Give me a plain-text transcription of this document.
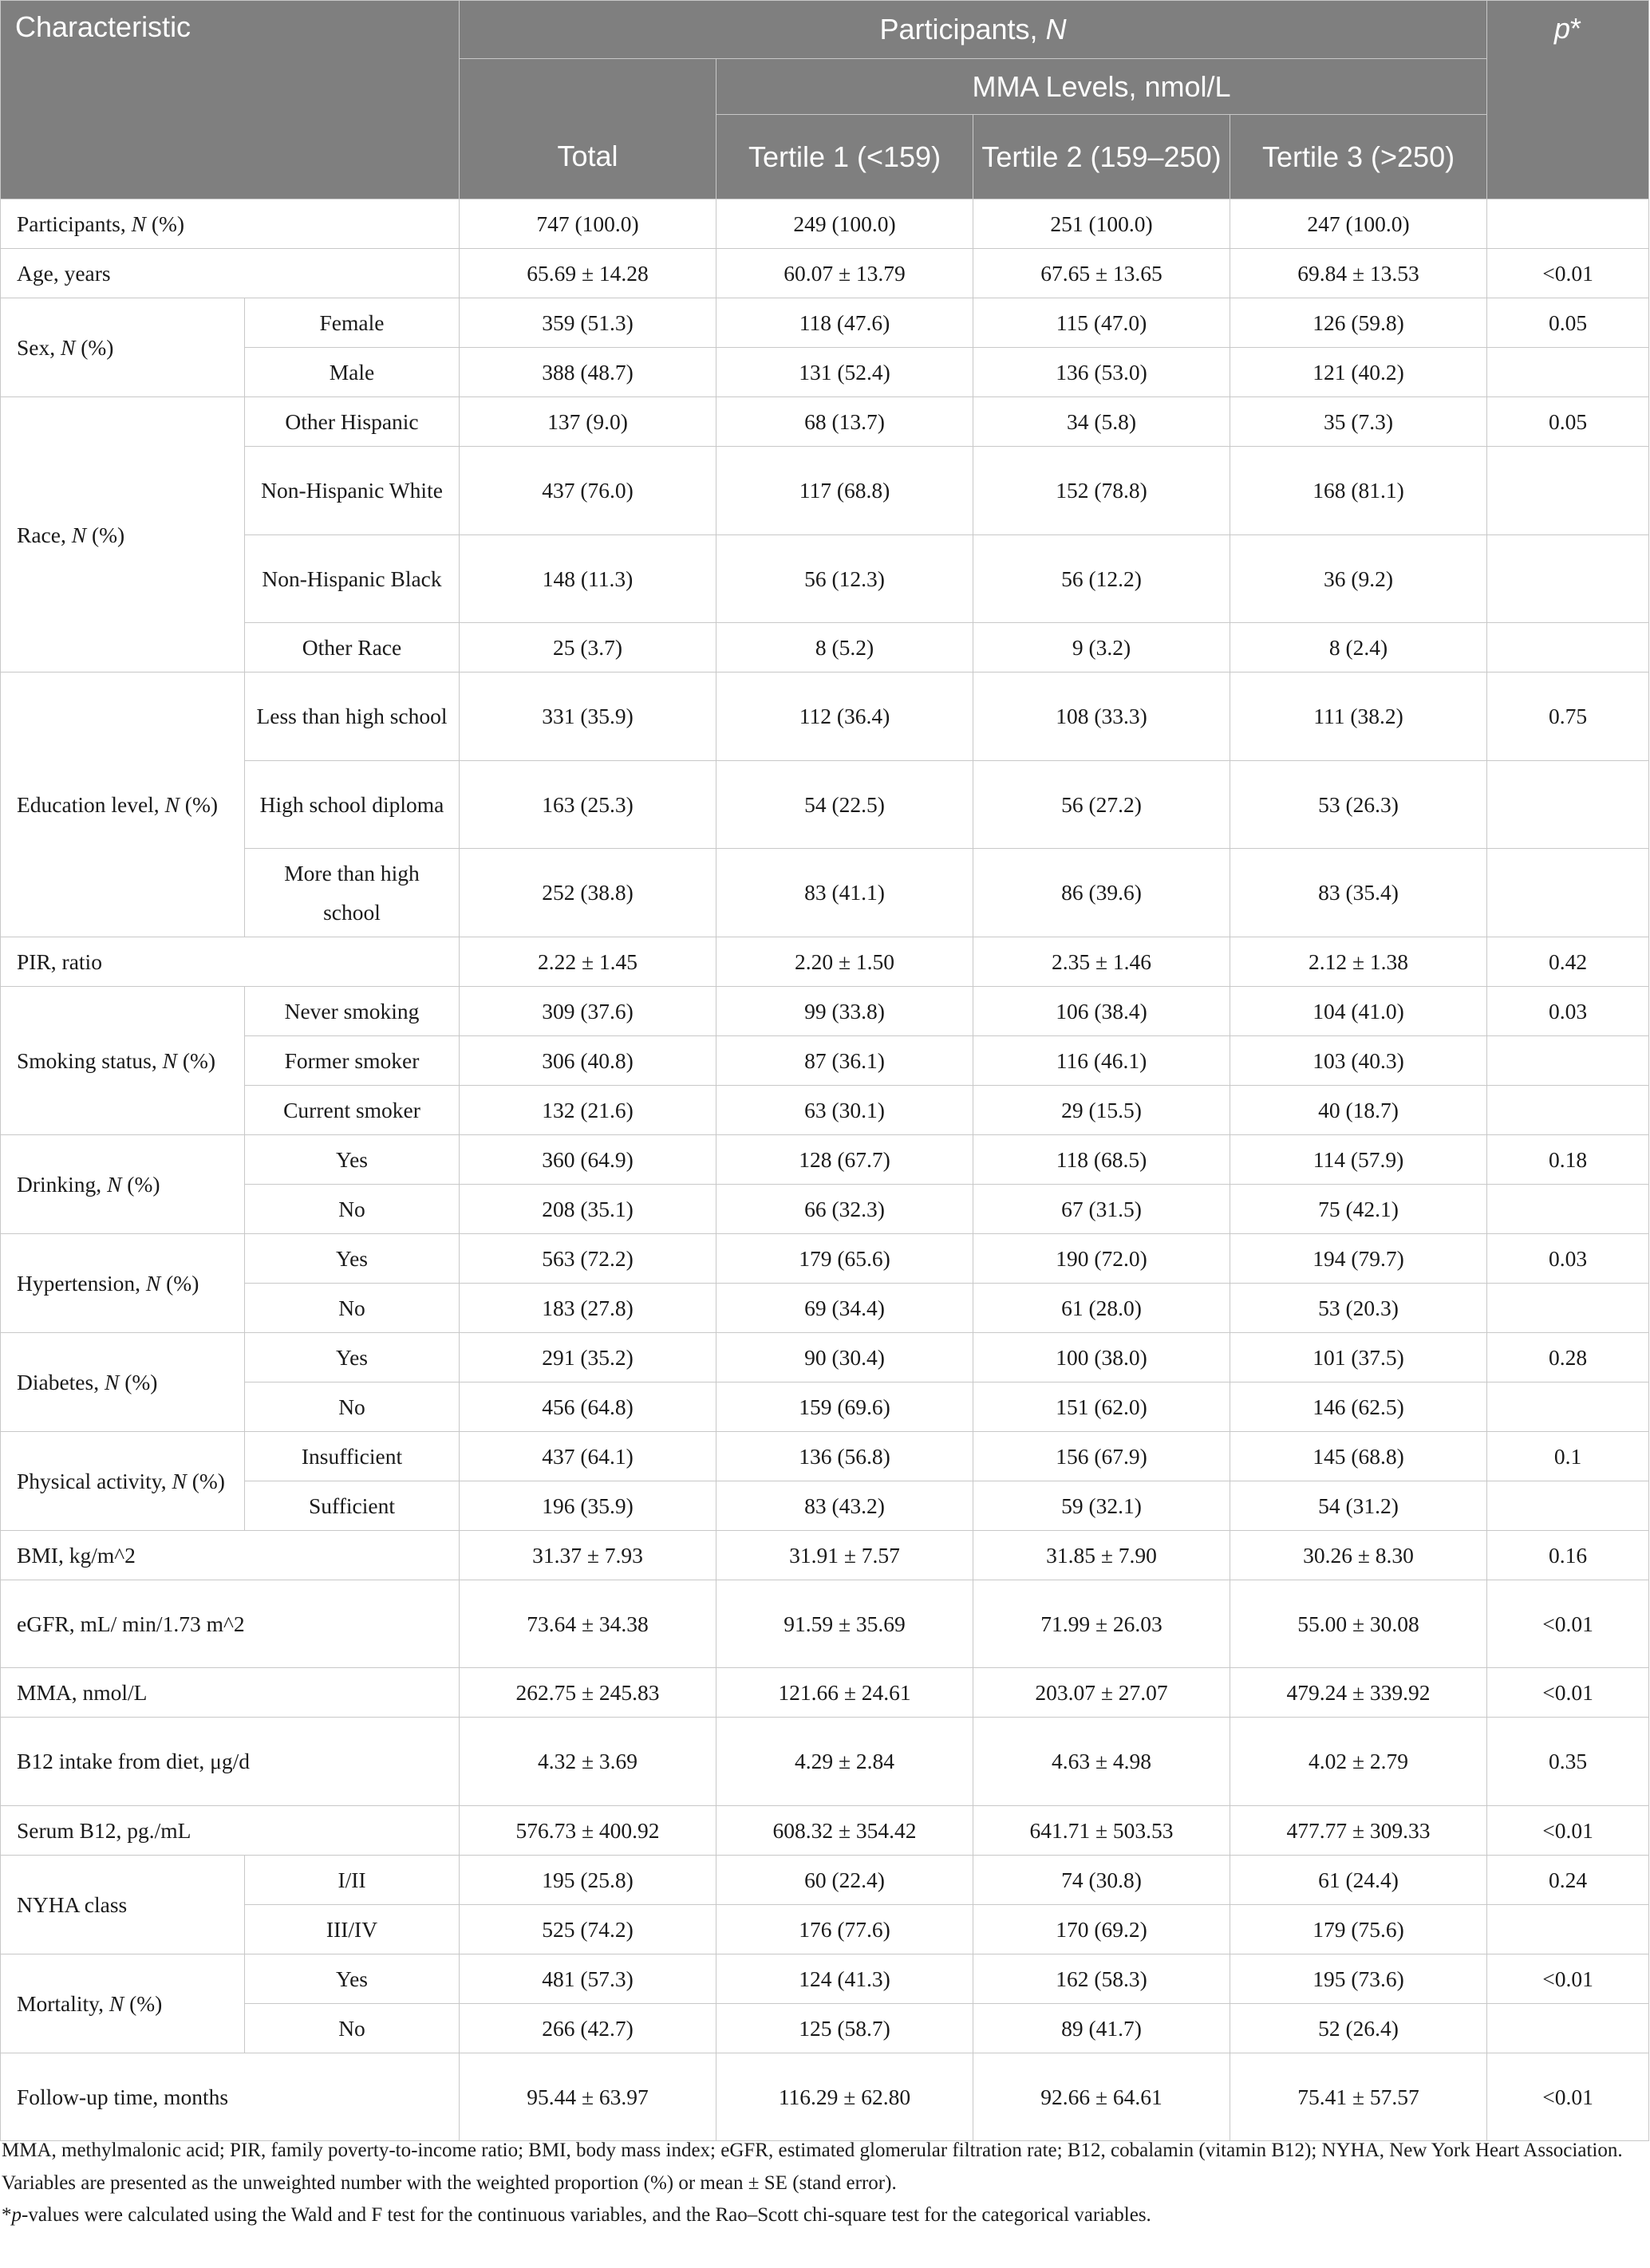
Characteristic		Participants, N				p*
		Total	MMA Levels, nmol/L			
			Tertile 1 (<159)	Tertile 2 (159–250)	Tertile 3 (>250)	
Participants, N (%)		747 (100.0)	249 (100.0)	251 (100.0)	247 (100.0)	
Age, years		65.69 ± 14.28	60.07 ± 13.79	67.65 ± 13.65	69.84 ± 13.53	<0.01
Sex, N (%)	Female	359 (51.3)	118 (47.6)	115 (47.0)	126 (59.8)	0.05
	Male	388 (48.7)	131 (52.4)	136 (53.0)	121 (40.2)	
Race, N (%)	Other Hispanic	137 (9.0)	68 (13.7)	34 (5.8)	35 (7.3)	0.05
	Non-Hispanic White	437 (76.0)	117 (68.8)	152 (78.8)	168 (81.1)	
	Non-Hispanic Black	148 (11.3)	56 (12.3)	56 (12.2)	36 (9.2)	
	Other Race	25 (3.7)	8 (5.2)	9 (3.2)	8 (2.4)	
Education level, N (%)	Less than high school	331 (35.9)	112 (36.4)	108 (33.3)	111 (38.2)	0.75
	High school diploma	163 (25.3)	54 (22.5)	56 (27.2)	53 (26.3)	
	More than high school	252 (38.8)	83 (41.1)	86 (39.6)	83 (35.4)	
PIR, ratio		2.22 ± 1.45	2.20 ± 1.50	2.35 ± 1.46	2.12 ± 1.38	0.42
Smoking status, N (%)	Never smoking	309 (37.6)	99 (33.8)	106 (38.4)	104 (41.0)	0.03
	Former smoker	306 (40.8)	87 (36.1)	116 (46.1)	103 (40.3)	
	Current smoker	132 (21.6)	63 (30.1)	29 (15.5)	40 (18.7)	
Drinking, N (%)	Yes	360 (64.9)	128 (67.7)	118 (68.5)	114 (57.9)	0.18
	No	208 (35.1)	66 (32.3)	67 (31.5)	75 (42.1)	
Hypertension, N (%)	Yes	563 (72.2)	179 (65.6)	190 (72.0)	194 (79.7)	0.03
	No	183 (27.8)	69 (34.4)	61 (28.0)	53 (20.3)	
Diabetes, N (%)	Yes	291 (35.2)	90 (30.4)	100 (38.0)	101 (37.5)	0.28
	No	456 (64.8)	159 (69.6)	151 (62.0)	146 (62.5)	
Physical activity, N (%)	Insufficient	437 (64.1)	136 (56.8)	156 (67.9)	145 (68.8)	0.1
	Sufficient	196 (35.9)	83 (43.2)	59 (32.1)	54 (31.2)	
BMI, kg/m^2		31.37 ± 7.93	31.91 ± 7.57	31.85 ± 7.90	30.26 ± 8.30	0.16
eGFR, mL/ min/1.73 m^2		73.64 ± 34.38	91.59 ± 35.69	71.99 ± 26.03	55.00 ± 30.08	<0.01
MMA, nmol/L		262.75 ± 245.83	121.66 ± 24.61	203.07 ± 27.07	479.24 ± 339.92	<0.01
B12 intake from diet, μg/d		4.32 ± 3.69	4.29 ± 2.84	4.63 ± 4.98	4.02 ± 2.79	0.35
Serum B12, pg./mL		576.73 ± 400.92	608.32 ± 354.42	641.71 ± 503.53	477.77 ± 309.33	<0.01
NYHA class	I/II	195 (25.8)	60 (22.4)	74 (30.8)	61 (24.4)	0.24
	III/IV	525 (74.2)	176 (77.6)	170 (69.2)	179 (75.6)	
Mortality, N (%)	Yes	481 (57.3)	124 (41.3)	162 (58.3)	195 (73.6)	<0.01
	No	266 (42.7)	125 (58.7)	89 (41.7)	52 (26.4)	
Follow-up time, months		95.44 ± 63.97	116.29 ± 62.80	92.66 ± 64.61	75.41 ± 57.57	<0.01

MMA, methylmalonic acid; PIR, family poverty-to-income ratio; BMI, body mass index; eGFR, estimated glomerular filtration rate; B12, cobalamin (vitamin B12); NYHA, New York Heart Association.

Variables are presented as the unweighted number with the weighted proportion (%) or mean ± SE (stand error).

*p-values were calculated using the Wald and F test for the continuous variables, and the Rao–Scott chi-square test for the categorical variables.
